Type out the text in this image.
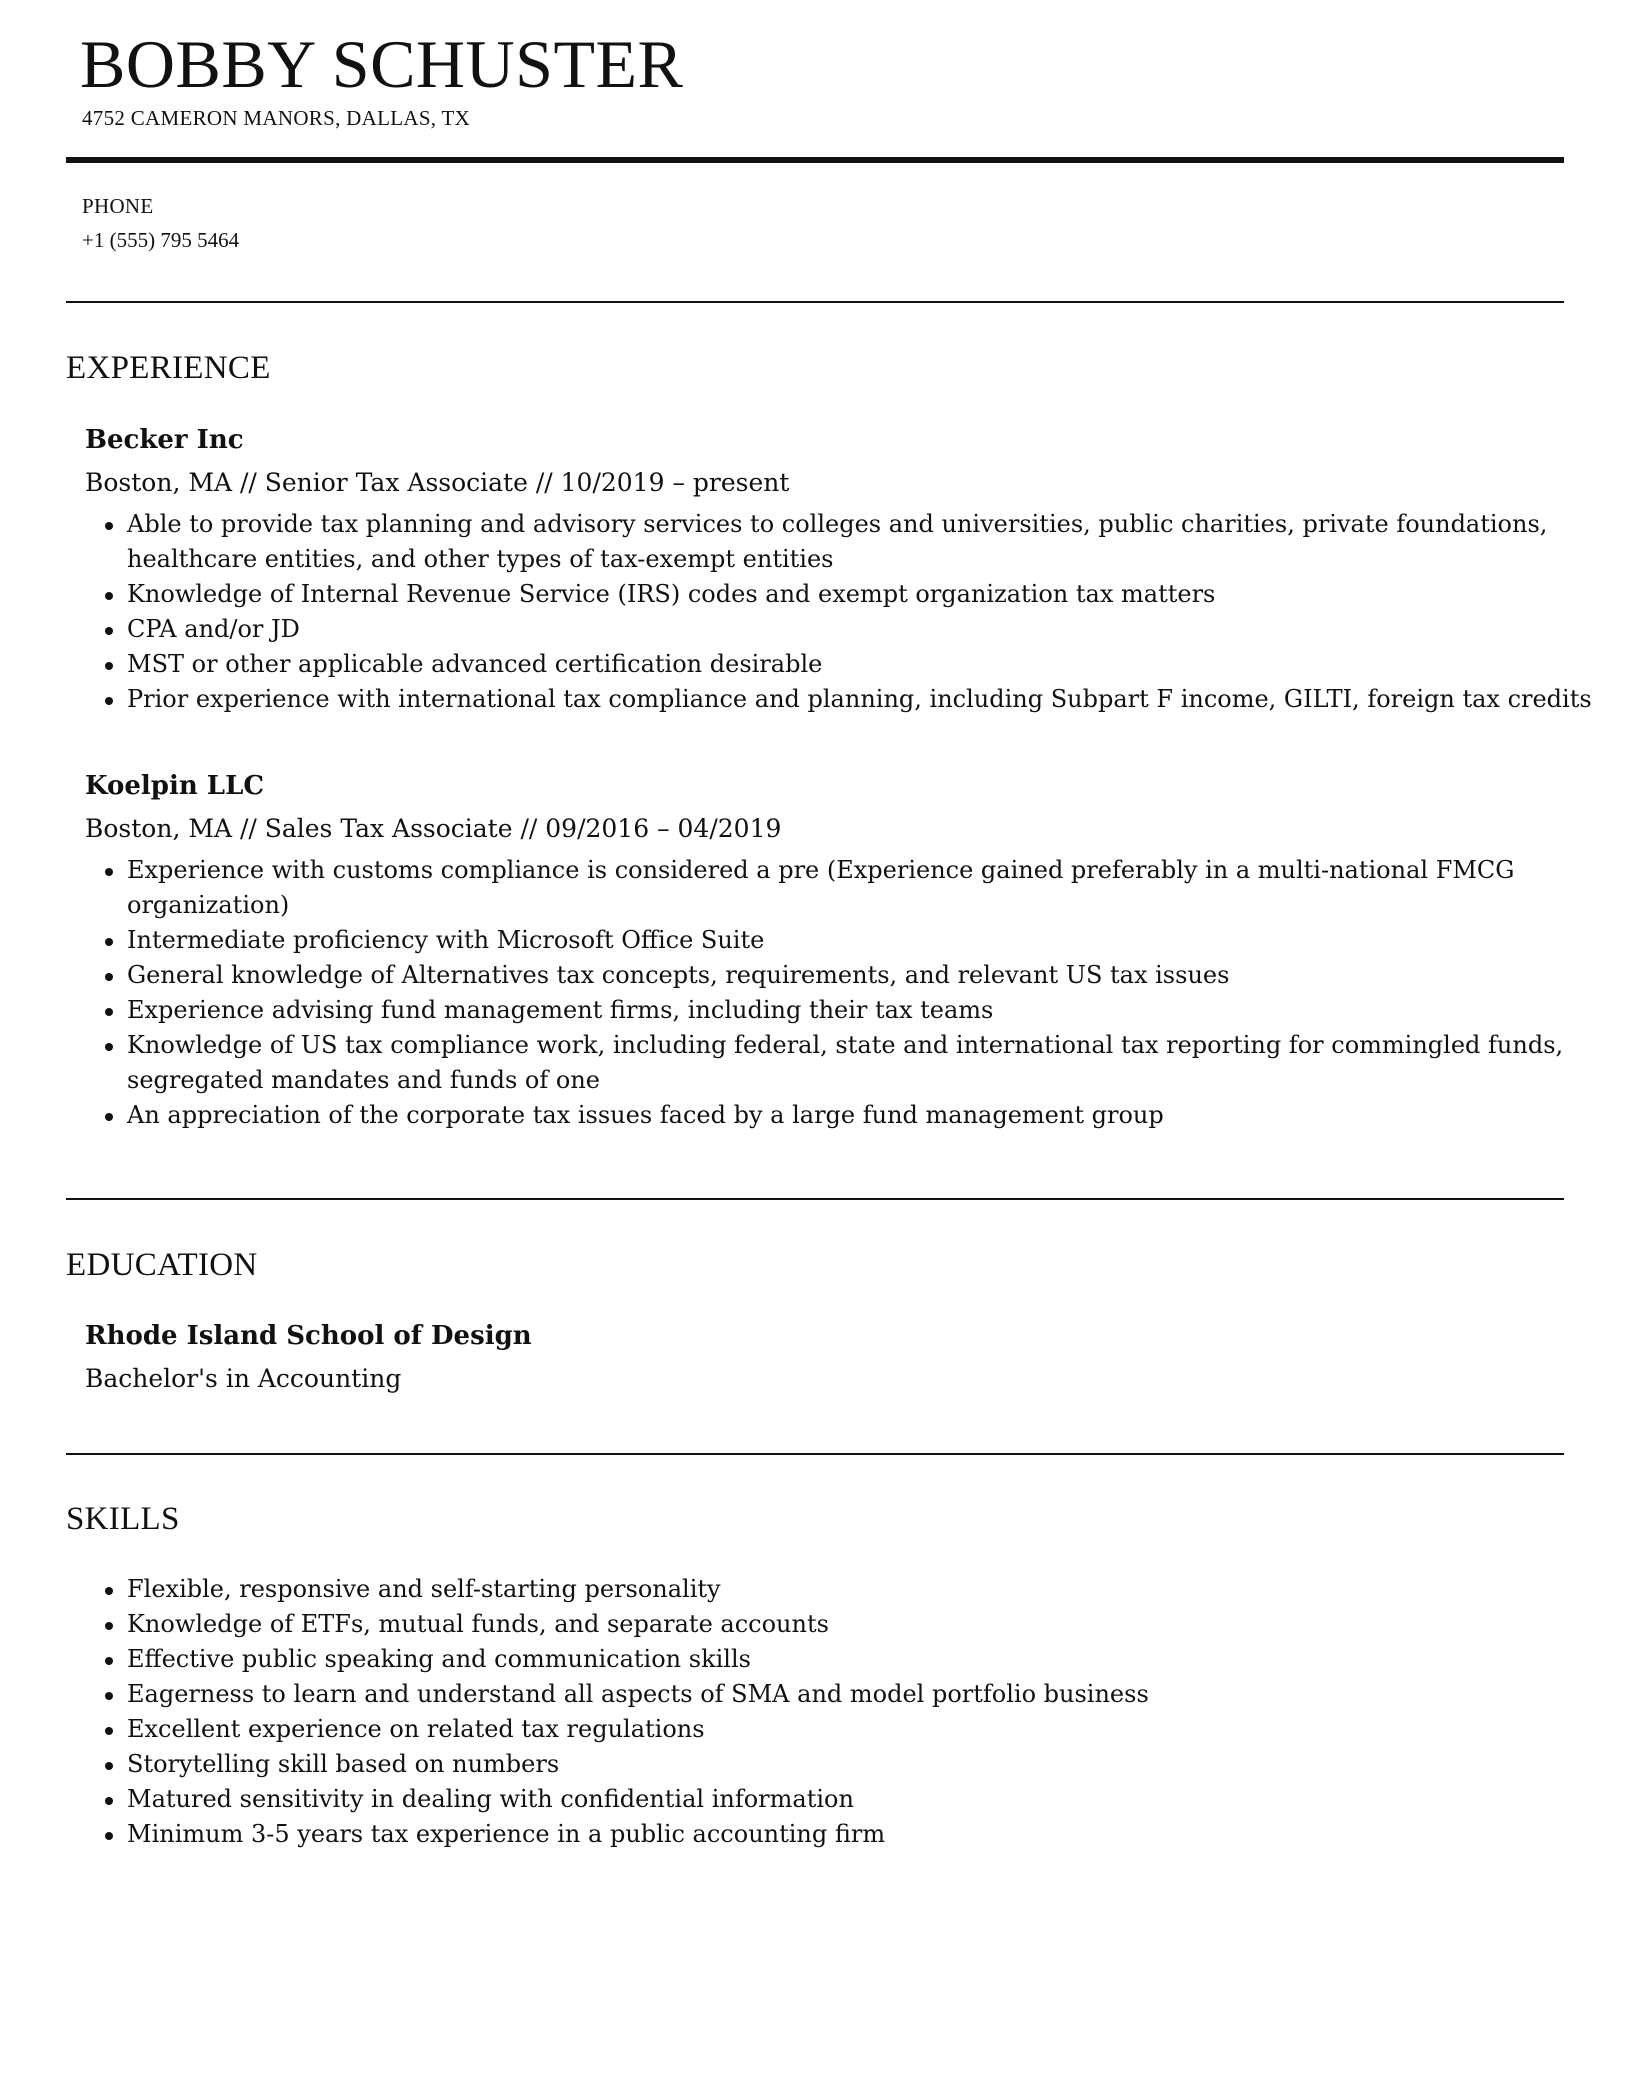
BOBBY SCHUSTER
4752 CAMERON MANORS, DALLAS, TX
PHONE
+1 (555) 795 5464
EXPERIENCE
Becker Inc
Boston, MA // Senior Tax Associate // 10/2019 – present
Able to provide tax planning and advisory services to colleges and universities, public charities, private foundations, healthcare entities, and other types of tax-exempt entities
Knowledge of Internal Revenue Service (IRS) codes and exempt organization tax matters
CPA and/or JD
MST or other applicable advanced certification desirable
Prior experience with international tax compliance and planning, including Subpart F income, GILTI, foreign tax credits
Koelpin LLC
Boston, MA // Sales Tax Associate // 09/2016 – 04/2019
Experience with customs compliance is considered a pre (Experience gained preferably in a multi-national FMCG organization)
Intermediate proficiency with Microsoft Office Suite
General knowledge of Alternatives tax concepts, requirements, and relevant US tax issues
Experience advising fund management firms, including their tax teams
Knowledge of US tax compliance work, including federal, state and international tax reporting for commingled funds, segregated mandates and funds of one
An appreciation of the corporate tax issues faced by a large fund management group
EDUCATION
Rhode Island School of Design
Bachelor's in Accounting
SKILLS
Flexible, responsive and self-starting personality
Knowledge of ETFs, mutual funds, and separate accounts
Effective public speaking and communication skills
Eagerness to learn and understand all aspects of SMA and model portfolio business
Excellent experience on related tax regulations
Storytelling skill based on numbers
Matured sensitivity in dealing with confidential information
Minimum 3-5 years tax experience in a public accounting firm
